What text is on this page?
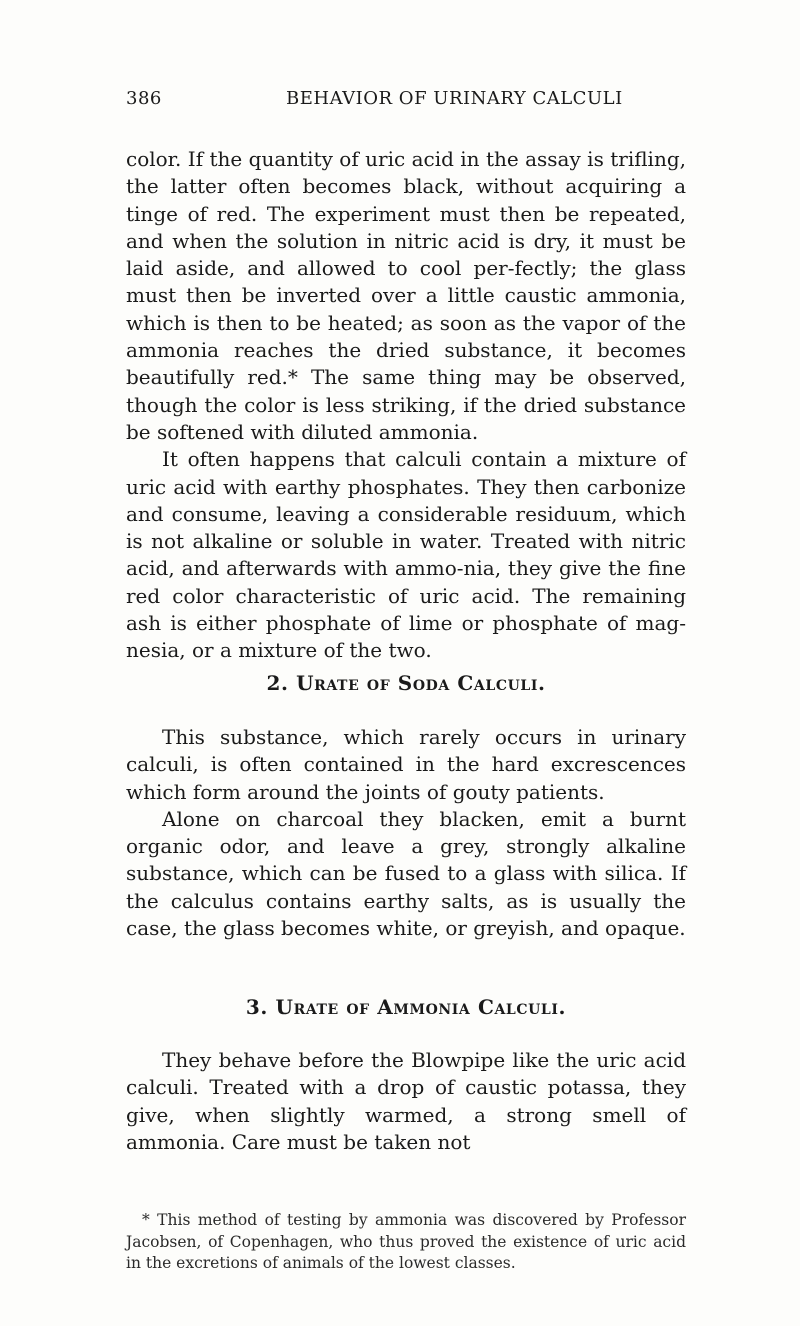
386	BEHAVIOR OF URINARY CALCULI

color. If the quantity of uric acid in the assay is trifling, the latter often becomes black, without acquiring a tinge of red. The experiment must then be repeated, and when the solution in nitric acid is dry, it must be laid aside, and allowed to cool per-fectly; the glass must then be inverted over a little caustic ammonia, which is then to be heated; as soon as the vapor of the ammonia reaches the dried substance, it becomes beautifully red.* The same thing may be observed, though the color is less striking, if the dried substance be softened with diluted ammonia.

It often happens that calculi contain a mixture of uric acid with earthy phosphates. They then carbonize and consume, leaving a considerable residuum, which is not alkaline or soluble in water. Treated with nitric acid, and afterwards with ammo-nia, they give the fine red color characteristic of uric acid. The remaining ash is either phosphate of lime or phosphate of mag-nesia, or a mixture of the two.

2. Urate of Soda Calculi.

This substance, which rarely occurs in urinary calculi, is often contained in the hard excrescences which form around the joints of gouty patients.

Alone on charcoal they blacken, emit a burnt organic odor, and leave a grey, strongly alkaline substance, which can be fused to a glass with silica. If the calculus contains earthy salts, as is usually the case, the glass becomes white, or greyish, and opaque.

3. Urate of Ammonia Calculi.

They behave before the Blowpipe like the uric acid calculi. Treated with a drop of caustic potassa, they give, when slightly warmed, a strong smell of ammonia. Care must be taken not

* This method of testing by ammonia was discovered by Professor Jacobsen, of Copenhagen, who thus proved the existence of uric acid in the excretions of animals of the lowest classes.
